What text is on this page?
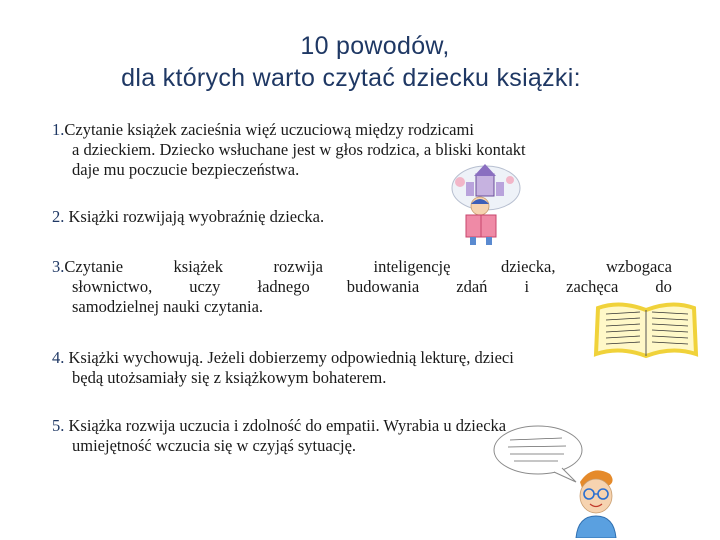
10 powodów,
dla których warto czytać dziecku książki:
1.Czytanie książek zacieśnia więź uczuciową między rodzicami
a dzieckiem. Dziecko wsłuchane jest w głos rodzica, a bliski kontakt
daje mu poczucie bezpieczeństwa.
2. Książki rozwijają wyobraźnię dziecka.
3.Czytanie	książek	rozwija	inteligencję	dziecka,	wzbogaca
słownictwo, uczy ładnego budowania zdań i zachęca do
samodzielnej nauki czytania.
4. Książki wychowują. Jeżeli dobierzemy odpowiednią lekturę, dzieci
będą utożsamiały się z książkowym bohaterem.
5. Książka rozwija uczucia i zdolność do empatii. Wyrabia u dziecka
umiejętność wczucia się w czyjąś sytuację.
